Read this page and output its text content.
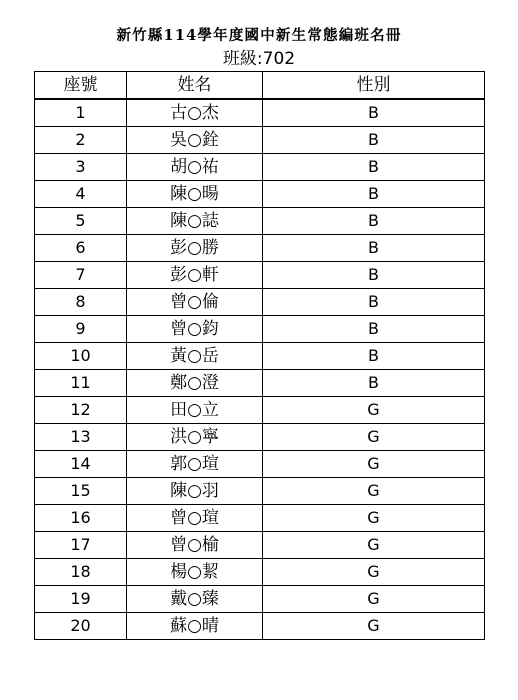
新竹縣114學年度國中新生常態編班名冊
班級:702
座號	姓名	性別
1	古○杰	B
2	吳○銓	B
3	胡○祐	B
4	陳○暘	B
5	陳○誌	B
6	彭○勝	B
7	彭○軒	B
8	曾○倫	B
9	曾○鈞	B
10	黃○岳	B
11	鄭○澄	B
12	田○立	G
13	洪○寧	G
14	郭○瑄	G
15	陳○羽	G
16	曾○瑄	G
17	曾○榆	G
18	楊○絜	G
19	戴○臻	G
20	蘇○晴	G
